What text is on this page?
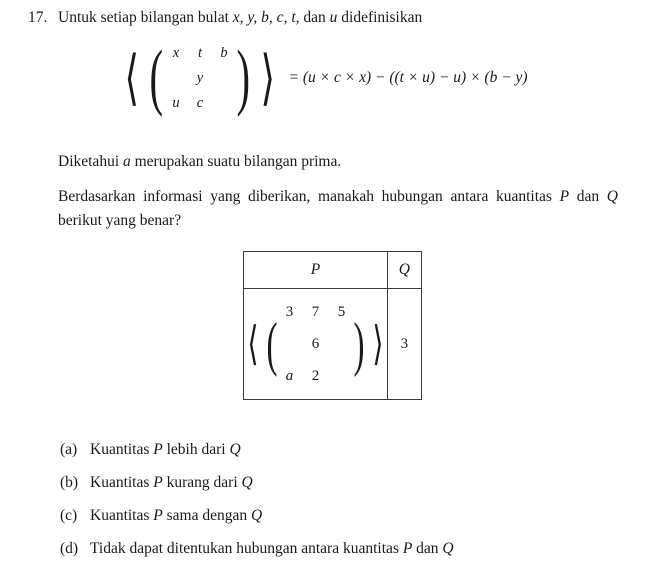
17. Untuk setiap bilangan bulat x, y, b, c, t, dan u didefinisikan
⟨ ( x t b
y
u c ) ⟩ = (u × c × x) − ((t × u) − u) × (b − y)
Diketahui a merupakan suatu bilangan prima.
Berdasarkan informasi yang diberikan, manakah hubungan antara kuantitas P dan Q berikut yang benar?
P	Q

⟨ ( 3 7 5
6
a 2 ) ⟩	3
(a) Kuantitas P lebih dari Q
(b) Kuantitas P kurang dari Q
(c) Kuantitas P sama dengan Q
(d) Tidak dapat ditentukan hubungan antara kuantitas P dan Q
